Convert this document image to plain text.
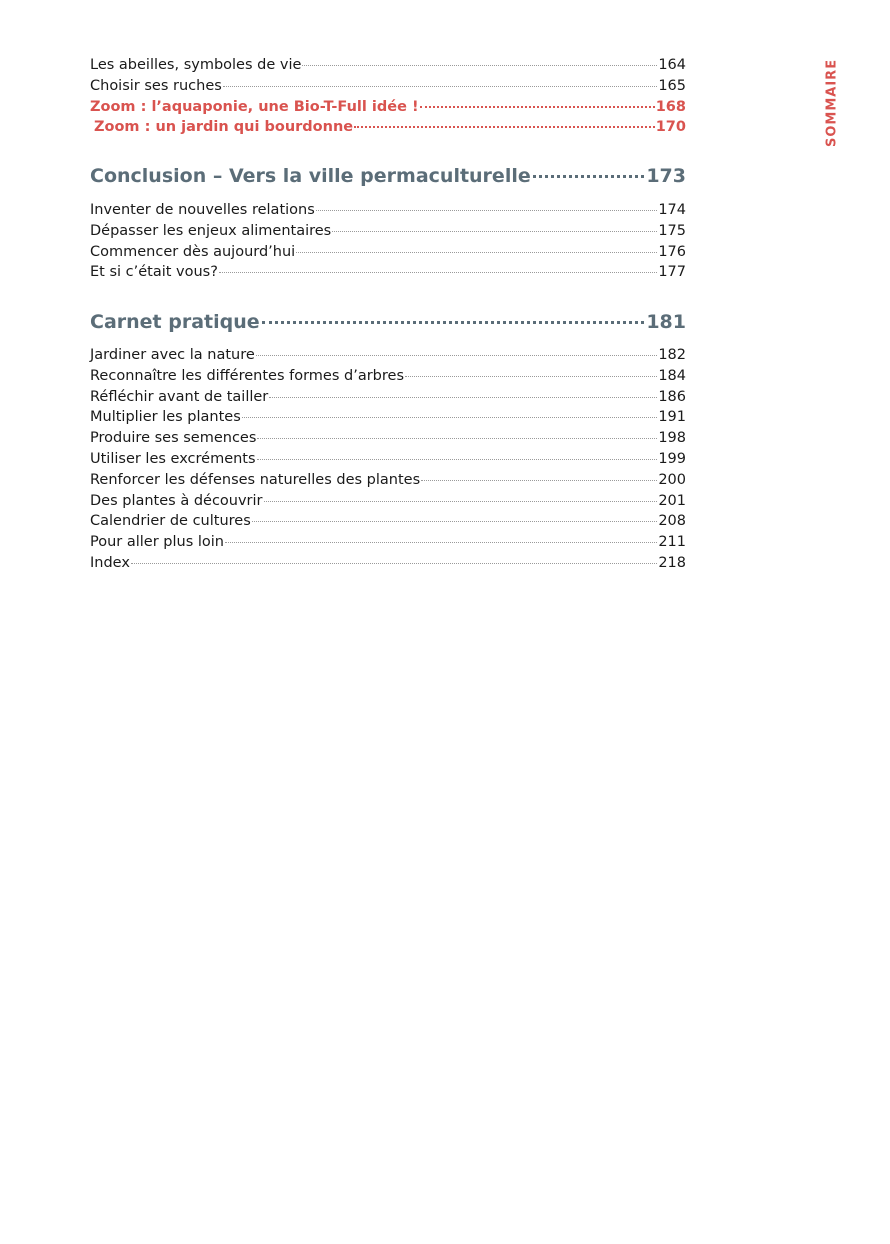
SOMMAIRE
Les abeilles, symboles de vie	164
Choisir ses ruches	165
Zoom : l’aquaponie, une Bio-T-Full idée !	168
Zoom : un jardin qui bourdonne	170
Conclusion – Vers la ville permaculturelle	173
Inventer de nouvelles relations	174
Dépasser les enjeux alimentaires	175
Commencer dès aujourd’hui	176
Et si c’était vous?	177
Carnet pratique	181
Jardiner avec la nature	182
Reconnaître les différentes formes d’arbres	184
Réfléchir avant de tailler	186
Multiplier les plantes	191
Produire ses semences	198
Utiliser les excréments	199
Renforcer les défenses naturelles des plantes	200
Des plantes à découvrir	201
Calendrier de cultures	208
Pour aller plus loin	211
Index	218
